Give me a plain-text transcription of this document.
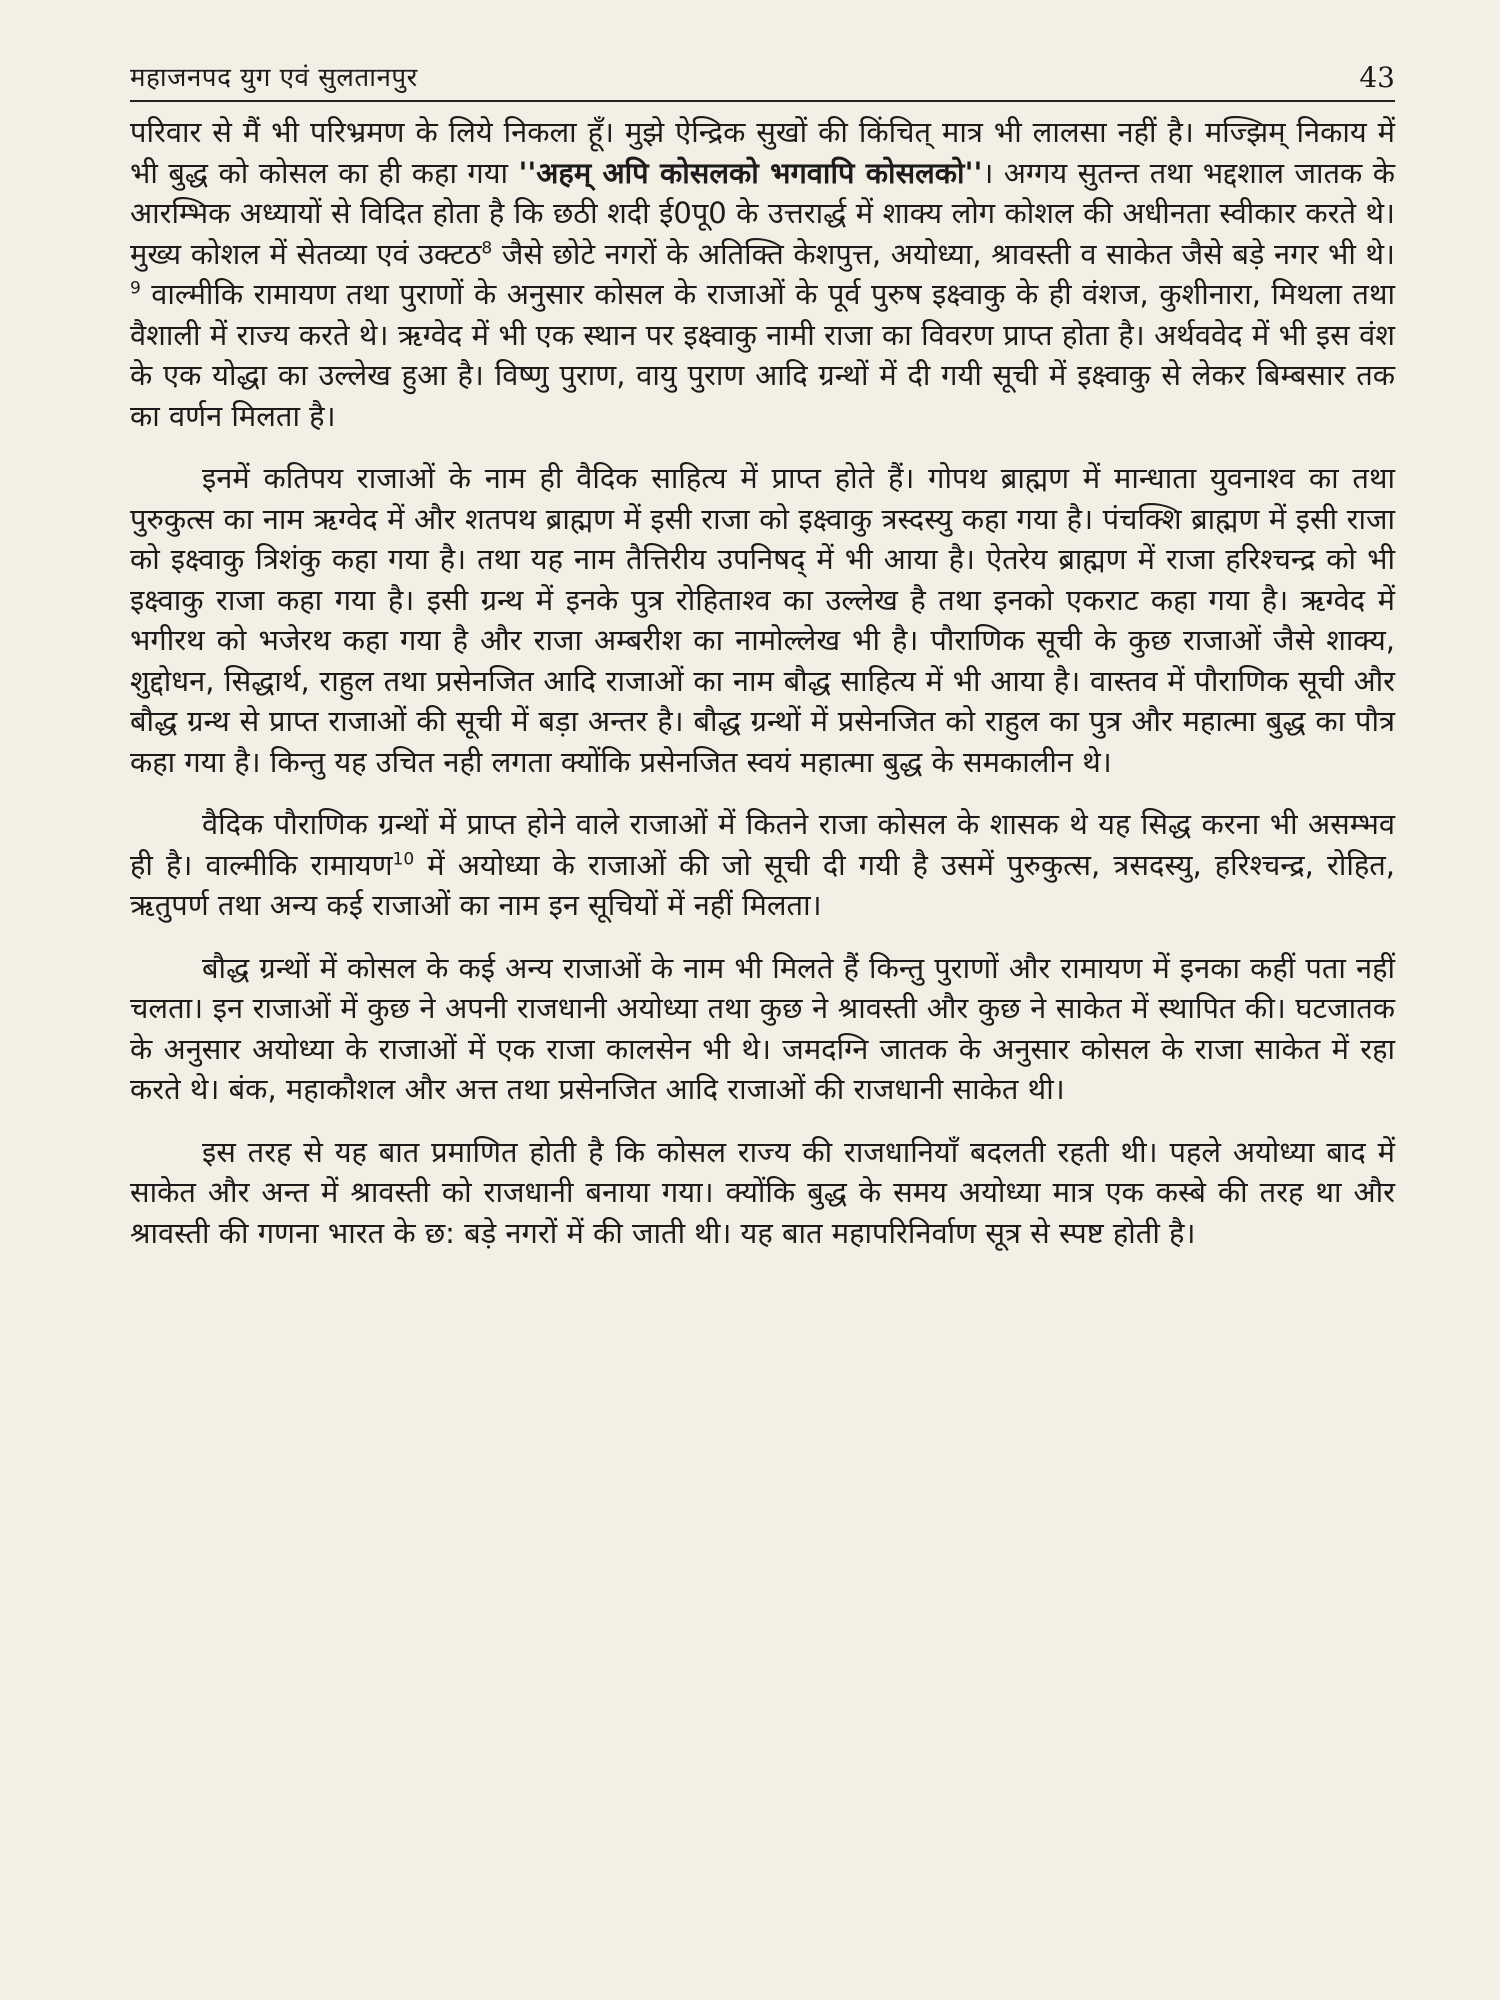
महाजनपद युग एवं सुलतानपुर	43

परिवार से मैं भी परिभ्रमण के लिये निकला हूँ। मुझे ऐन्द्रिक सुखों की किंचित् मात्र भी लालसा नहीं है। मज्झिम् निकाय में भी बुद्ध को कोसल का ही कहा गया ''अहम् अपि कोसलको भगवापि कोसलको''। अग्गय सुतन्त तथा भद्दशाल जातक के आरम्भिक अध्यायों से विदित होता है कि छठी शदी ई0पू0 के उत्तरार्द्ध में शाक्य लोग कोशल की अधीनता स्वीकार करते थे। मुख्य कोशल में सेतव्या एवं उक्टठ$^8$ जैसे छोटे नगरों के अतिक्ति केशपुत्त, अयोध्या, श्रावस्ती व साकेत जैसे बड़े नगर भी थे।$^9$ वाल्मीकि रामायण तथा पुराणों के अनुसार कोसल के राजाओं के पूर्व पुरुष इक्ष्वाकु के ही वंशज, कुशीनारा, मिथला तथा वैशाली में राज्य करते थे। ऋग्वेद में भी एक स्थान पर इक्ष्वाकु नामी राजा का विवरण प्राप्त होता है। अर्थववेद में भी इस वंश के एक योद्धा का उल्लेख हुआ है। विष्णु पुराण, वायु पुराण आदि ग्रन्थों में दी गयी सूची में इक्ष्वाकु से लेकर बिम्बसार तक का वर्णन मिलता है।

इनमें कतिपय राजाओं के नाम ही वैदिक साहित्य में प्राप्त होते हैं। गोपथ ब्राह्मण में मान्धाता युवनाश्व का तथा पुरुकुत्स का नाम ऋग्वेद में और शतपथ ब्राह्मण में इसी राजा को इक्ष्वाकु त्रस्दस्यु कहा गया है। पंचक्शि ब्राह्मण में इसी राजा को इक्ष्वाकु त्रिशंकु कहा गया है। तथा यह नाम तैत्तिरीय उपनिषद् में भी आया है। ऐतरेय ब्राह्मण में राजा हरिश्चन्द्र को भी इक्ष्वाकु राजा कहा गया है। इसी ग्रन्थ में इनके पुत्र रोहिताश्व का उल्लेख है तथा इनको एकराट कहा गया है। ऋग्वेद में भगीरथ को भजेरथ कहा गया है और राजा अम्बरीश का नामोल्लेख भी है। पौराणिक सूची के कुछ राजाओं जैसे शाक्य, शुद्दोधन, सिद्धार्थ, राहुल तथा प्रसेनजित आदि राजाओं का नाम बौद्ध साहित्य में भी आया है। वास्तव में पौराणिक सूची और बौद्ध ग्रन्थ से प्राप्त राजाओं की सूची में बड़ा अन्तर है। बौद्ध ग्रन्थों में प्रसेनजित को राहुल का पुत्र और महात्मा बुद्ध का पौत्र कहा गया है। किन्तु यह उचित नही लगता क्योंकि प्रसेनजित स्वयं महात्मा बुद्ध के समकालीन थे।

वैदिक पौराणिक ग्रन्थों में प्राप्त होने वाले राजाओं में कितने राजा कोसल के शासक थे यह सिद्ध करना भी असम्भव ही है। वाल्मीकि रामायण$^{10}$ में अयोध्या के राजाओं की जो सूची दी गयी है उसमें पुरुकुत्स, त्रसदस्यु, हरिश्चन्द्र, रोहित, ऋतुपर्ण तथा अन्य कई राजाओं का नाम इन सूचियों में नहीं मिलता।

बौद्ध ग्रन्थों में कोसल के कई अन्य राजाओं के नाम भी मिलते हैं किन्तु पुराणों और रामायण में इनका कहीं पता नहीं चलता। इन राजाओं में कुछ ने अपनी राजधानी अयोध्या तथा कुछ ने श्रावस्ती और कुछ ने साकेत में स्थापित की। घटजातक के अनुसार अयोध्या के राजाओं में एक राजा कालसेन भी थे। जमदग्नि जातक के अनुसार कोसल के राजा साकेत में रहा करते थे। बंक, महाकौशल और अत्त तथा प्रसेनजित आदि राजाओं की राजधानी साकेत थी।

इस तरह से यह बात प्रमाणित होती है कि कोसल राज्य की राजधानियाँ बदलती रहती थी। पहले अयोध्या बाद में साकेत और अन्त में श्रावस्ती को राजधानी बनाया गया। क्योंकि बुद्ध के समय अयोध्या मात्र एक कस्बे की तरह था और श्रावस्ती की गणना भारत के छ: बड़े नगरों में की जाती थी। यह बात महापरिनिर्वाण सूत्र से स्पष्ट होती है।
